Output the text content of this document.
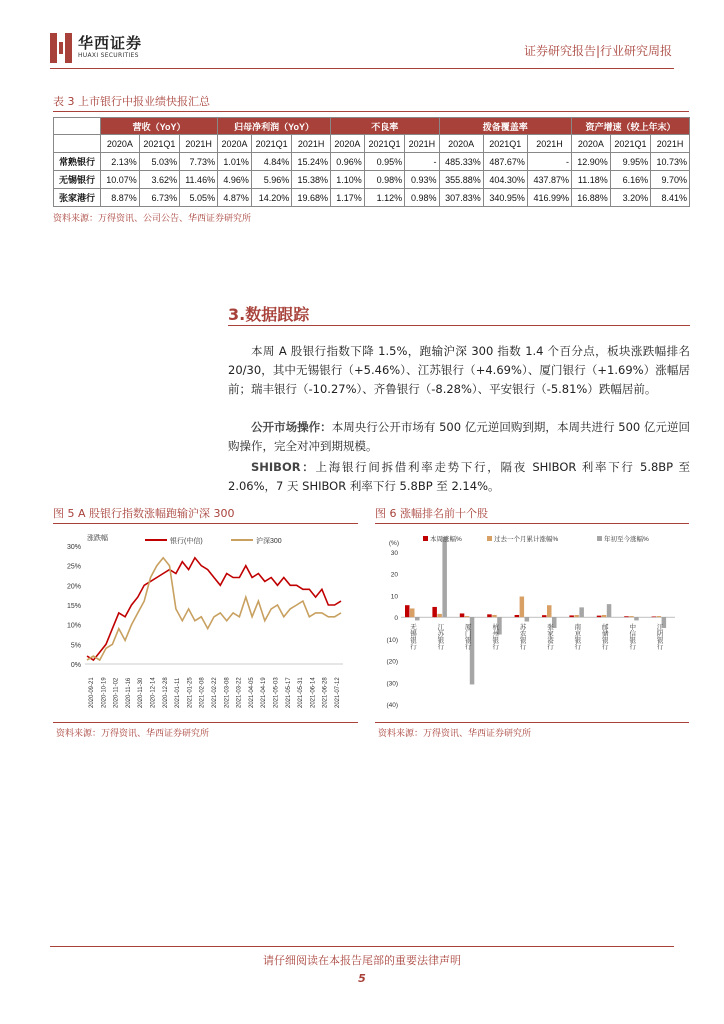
华西证券
HUAXI SECURITIES	证券研究报告|行业研究周报
表 3 上市银行中报业绩快报汇总
	营收（YoY）			归母净利润（YoY）			不良率			拨备覆盖率			资产增速（较上年末）		
	2020A	2021Q1	2021H	2020A	2021Q1	2021H	2020A	2021Q1	2021H	2020A	2021Q1	2021H	2020A	2021Q1	2021H
常熟银行	2.13%	5.03%	7.73%	1.01%	4.84%	15.24%	0.96%	0.95%	-	485.33%	487.67%	-	12.90%	9.95%	10.73%
无锡银行	10.07%	3.62%	11.46%	4.96%	5.96%	15.38%	1.10%	0.98%	0.93%	355.88%	404.30%	437.87%	11.18%	6.16%	9.70%
张家港行	8.87%	6.73%	5.05%	4.87%	14.20%	19.68%	1.17%	1.12%	0.98%	307.83%	340.95%	416.99%	16.88%	3.20%	8.41%
资料来源：万得资讯、公司公告、华西证券研究所
3.数据跟踪
本周 A 股银行指数下降 1.5%，跑输沪深 300 指数 1.4 个百分点，板块涨跌幅排名 20/30，其中无锡银行（+5.46%）、江苏银行（+4.69%）、厦门银行（+1.69%）涨幅居前；瑞丰银行（-10.27%）、齐鲁银行（-8.28%）、平安银行（-5.81%）跌幅居前。
公开市场操作：本周央行公开市场有 500 亿元逆回购到期，本周共进行 500 亿元逆回购操作，完全对冲到期规模。
SHIBOR：上海银行间拆借利率走势下行，隔夜 SHIBOR 利率下行 5.8BP 至 2.06%，7 天 SHIBOR 利率下行 5.8BP 至 2.14%。
图 5 A 股银行指数涨幅跑输沪深 300
0%
5%
10%
15%
20%
25%
30%
涨跌幅
2020-09-21 2020-10-19 2020-11-02 2020-11-16 2020-11-30 2020-12-14 2020-12-28 2021-01-11 2021-01-25 2021-02-08 2021-02-22 2021-03-08 2021-03-22 2021-04-05 2021-04-19 2021-05-03 2021-05-17 2021-05-31 2021-06-14 2021-06-28 2021-07-12
银行(中信)	沪深300
资料来源：万得资讯、华西证券研究所
图 6 涨幅排名前十个股
(%)
30
20
10
0
(10)
(20)
(30)
(40)
无锡银行	江苏银行	厦门银行	杭州银行	苏农银行	张家港行	南京银行	邮储银行	中信银行	江阴银行
本周涨幅%	过去一个月累计涨幅%	年初至今涨幅%
资料来源：万得资讯、华西证券研究所
请仔细阅读在本报告尾部的重要法律声明
5
